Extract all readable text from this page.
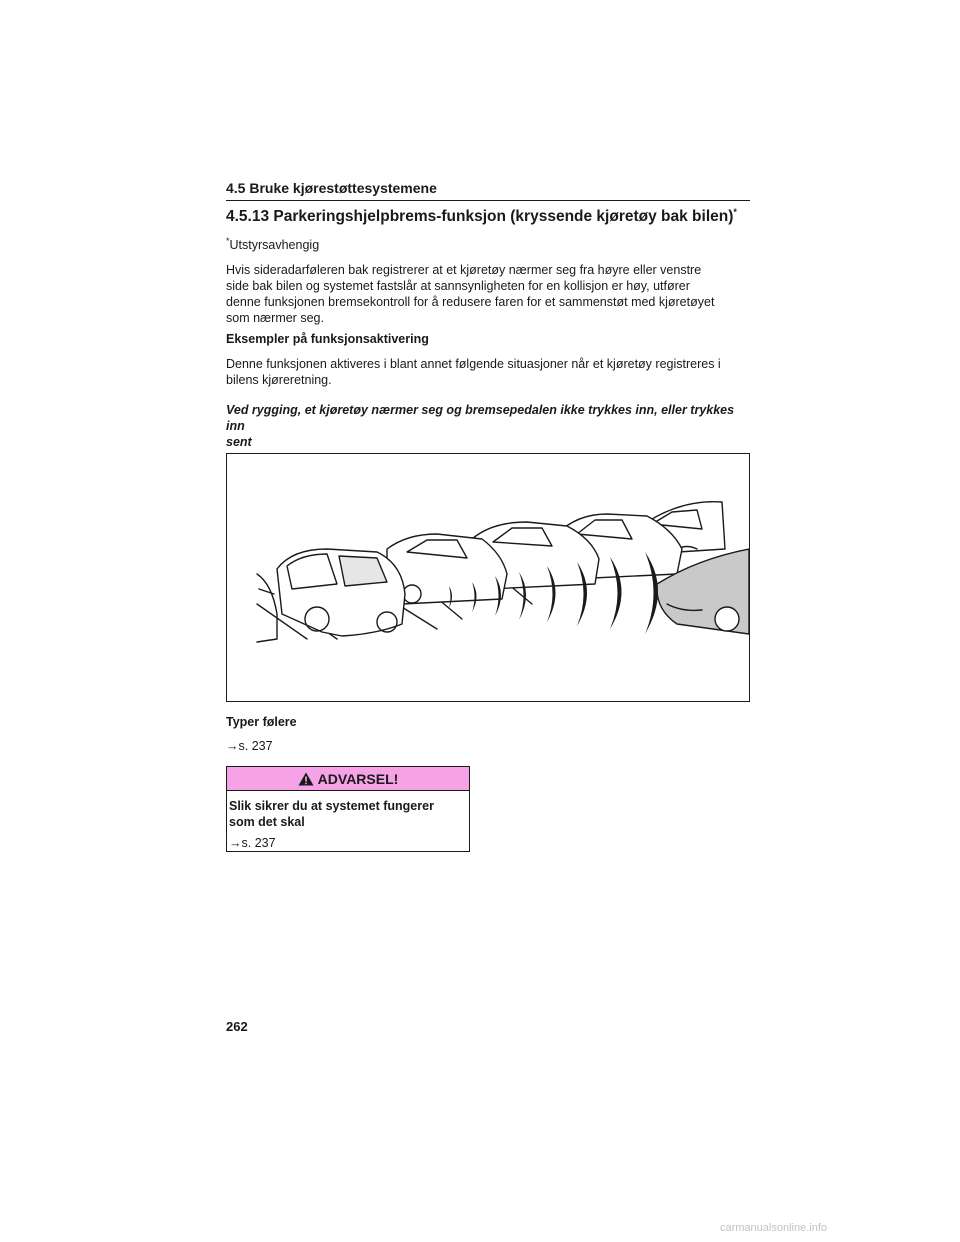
4.5 Bruke kjørestøttesystemene
4.5.13 Parkeringshjelpbrems-funksjon (kryssende kjøretøy bak bilen)*
*Utstyrsavhengig
Hvis sideradarføleren bak registrerer at et kjøretøy nærmer seg fra høyre eller venstre
side bak bilen og systemet fastslår at sannsynligheten for en kollisjon er høy, utfører
denne funksjonen bremsekontroll for å redusere faren for et sammenstøt med kjøretøyet
som nærmer seg.
Eksempler på funksjonsaktivering
Denne funksjonen aktiveres i blant annet følgende situasjoner når et kjøretøy registreres i
bilens kjøreretning.
Ved rygging, et kjøretøy nærmer seg og bremsepedalen ikke trykkes inn, eller trykkes inn
sent
Typer følere
→s. 237
ADVARSEL!
Slik sikrer du at systemet fungerer
som det skal
→s. 237
262
carmanualsonline.info
